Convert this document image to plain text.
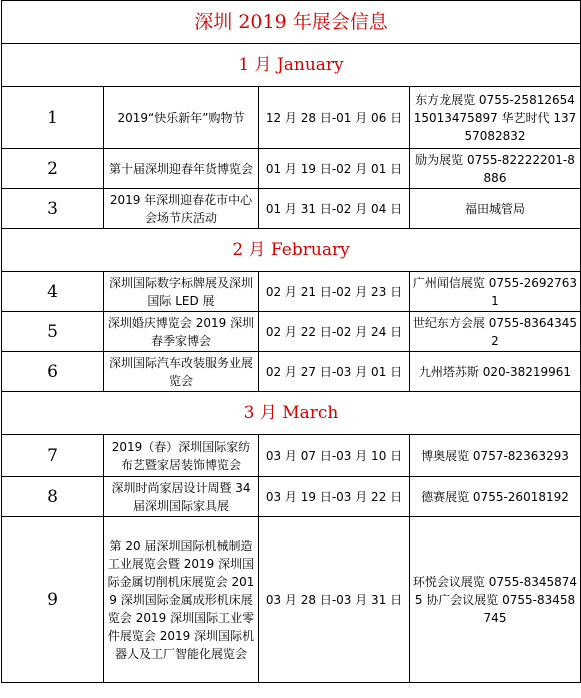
深圳 2019 年展会信息			
1 月 January			
1	2019“快乐新年”购物节	12 月 28 日-01 月 06 日	东方龙展览 0755-25812654 15013475897 华艺时代 13757082832
2	第十届深圳迎春年货博览会	01 月 19 日-02 月 01 日	励为展览 0755-82222201-8886
3	2019 年深圳迎春花市中心会场节庆活动	01 月 31 日-02 月 04 日	福田城管局
2 月 February			
4	深圳国际数字标牌展及深圳国际 LED 展	02 月 21 日-02 月 23 日	广州闻信展览 0755-26927631
5	深圳婚庆博览会 2019 深圳春季家博会	02 月 22 日-02 月 24 日	世纪东方会展 0755-83643452
6	深圳国际汽车改装服务业展览会	02 月 27 日-03 月 01 日	九州塔苏斯 020-38219961
3 月 March			
7	2019（春）深圳国际家纺布艺暨家居装饰博览会	03 月 07 日-03 月 10 日	博奥展览 0757-82363293
8	深圳时尚家居设计周暨 34 届深圳国际家具展	03 月 19 日-03 月 22 日	德赛展览 0755-26018192
9	第 20 届深圳国际机械制造工业展览会暨 2019 深圳国际金属切削机床展览会 2019 深圳国际金属成形机床展览会 2019 深圳国际工业零件展览会 2019 深圳国际机器人及工厂智能化展览会	03 月 28 日-03 月 31 日	环悦会议展览 0755-83458745 协广会议展览 0755-83458745
